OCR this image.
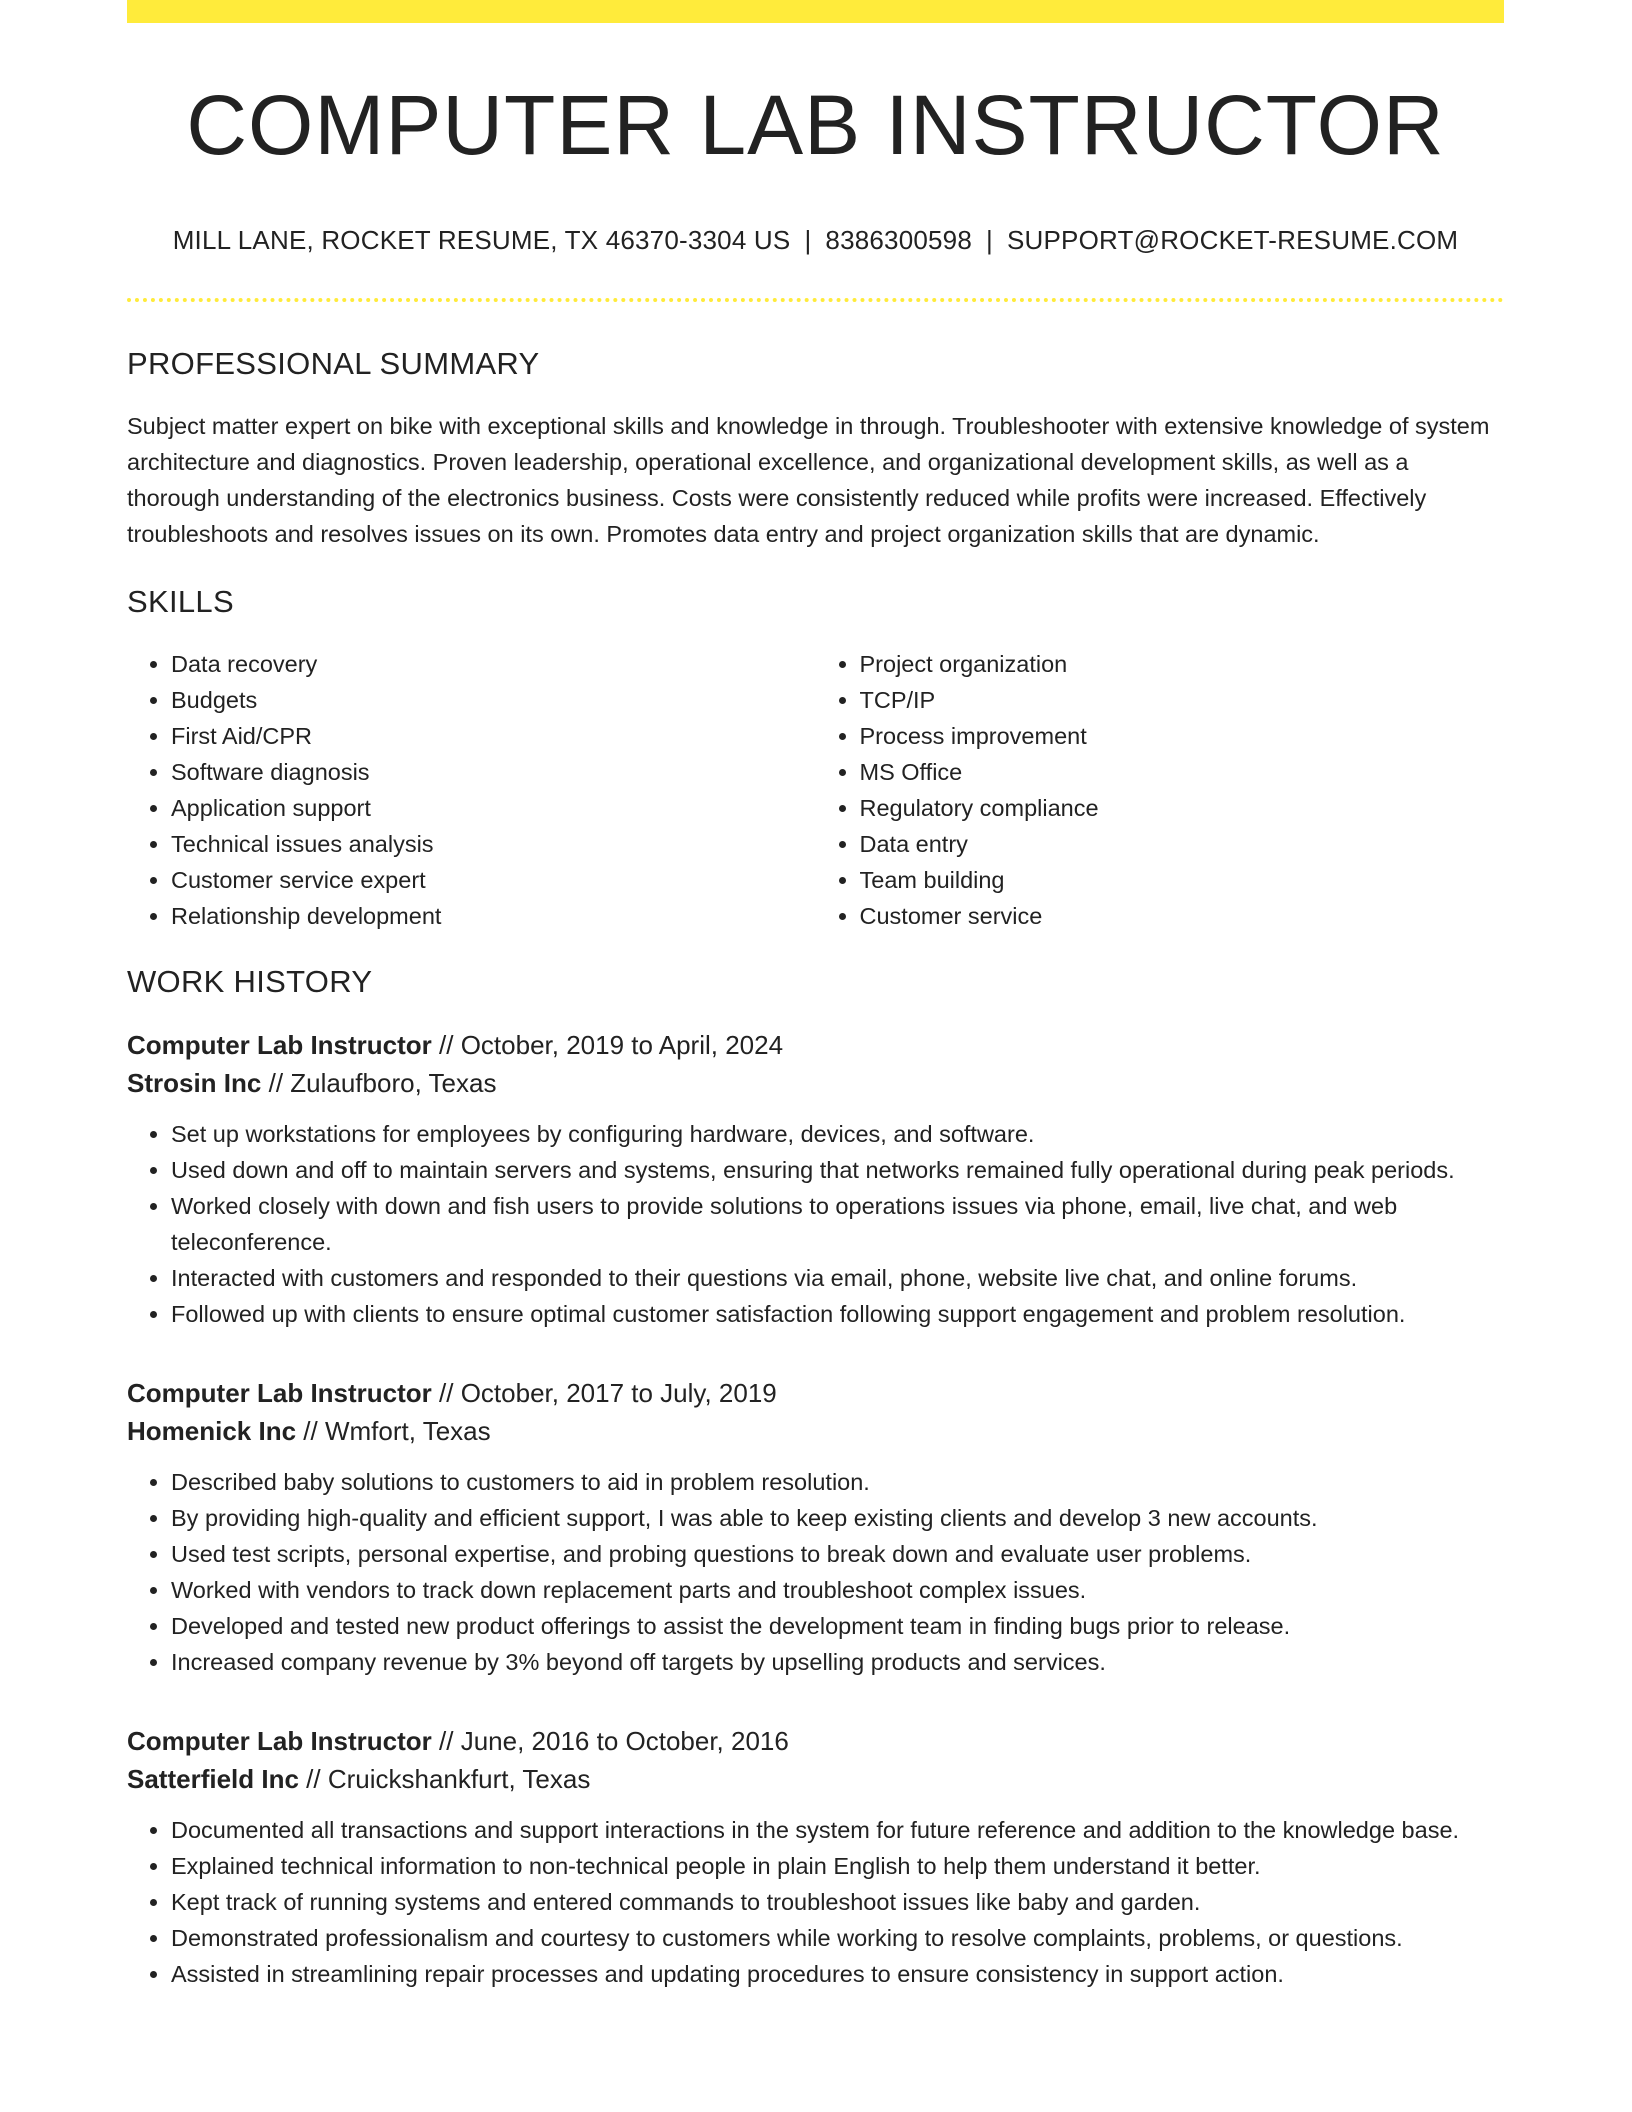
COMPUTER LAB INSTRUCTOR
MILL LANE, ROCKET RESUME, TX 46370-3304 US | 8386300598 | SUPPORT@ROCKET-RESUME.COM
PROFESSIONAL SUMMARY

Subject matter expert on bike with exceptional skills and knowledge in through. Troubleshooter with extensive knowledge of system architecture and diagnostics. Proven leadership, operational excellence, and organizational development skills, as well as a thorough understanding of the electronics business. Costs were consistently reduced while profits were increased. Effectively troubleshoots and resolves issues on its own. Promotes data entry and project organization skills that are dynamic.

SKILLS
• Data recovery
• Budgets
• First Aid/CPR
• Software diagnosis
• Application support
• Technical issues analysis
• Customer service expert
• Relationship development
• Project organization
• TCP/IP
• Process improvement
• MS Office
• Regulatory compliance
• Data entry
• Team building
• Customer service
WORK HISTORY
Computer Lab Instructor // October, 2019 to April, 2024
Strosin Inc // Zulaufboro, Texas
• Set up workstations for employees by configuring hardware, devices, and software.
• Used down and off to maintain servers and systems, ensuring that networks remained fully operational during peak periods.
• Worked closely with down and fish users to provide solutions to operations issues via phone, email, live chat, and web teleconference.
• Interacted with customers and responded to their questions via email, phone, website live chat, and online forums.
• Followed up with clients to ensure optimal customer satisfaction following support engagement and problem resolution.
Computer Lab Instructor // October, 2017 to July, 2019
Homenick Inc // Wmfort, Texas
• Described baby solutions to customers to aid in problem resolution.
• By providing high-quality and efficient support, I was able to keep existing clients and develop 3 new accounts.
• Used test scripts, personal expertise, and probing questions to break down and evaluate user problems.
• Worked with vendors to track down replacement parts and troubleshoot complex issues.
• Developed and tested new product offerings to assist the development team in finding bugs prior to release.
• Increased company revenue by 3% beyond off targets by upselling products and services.
Computer Lab Instructor // June, 2016 to October, 2016
Satterfield Inc // Cruickshankfurt, Texas
• Documented all transactions and support interactions in the system for future reference and addition to the knowledge base.
• Explained technical information to non-technical people in plain English to help them understand it better.
• Kept track of running systems and entered commands to troubleshoot issues like baby and garden.
• Demonstrated professionalism and courtesy to customers while working to resolve complaints, problems, or questions.
• Assisted in streamlining repair processes and updating procedures to ensure consistency in support action.
